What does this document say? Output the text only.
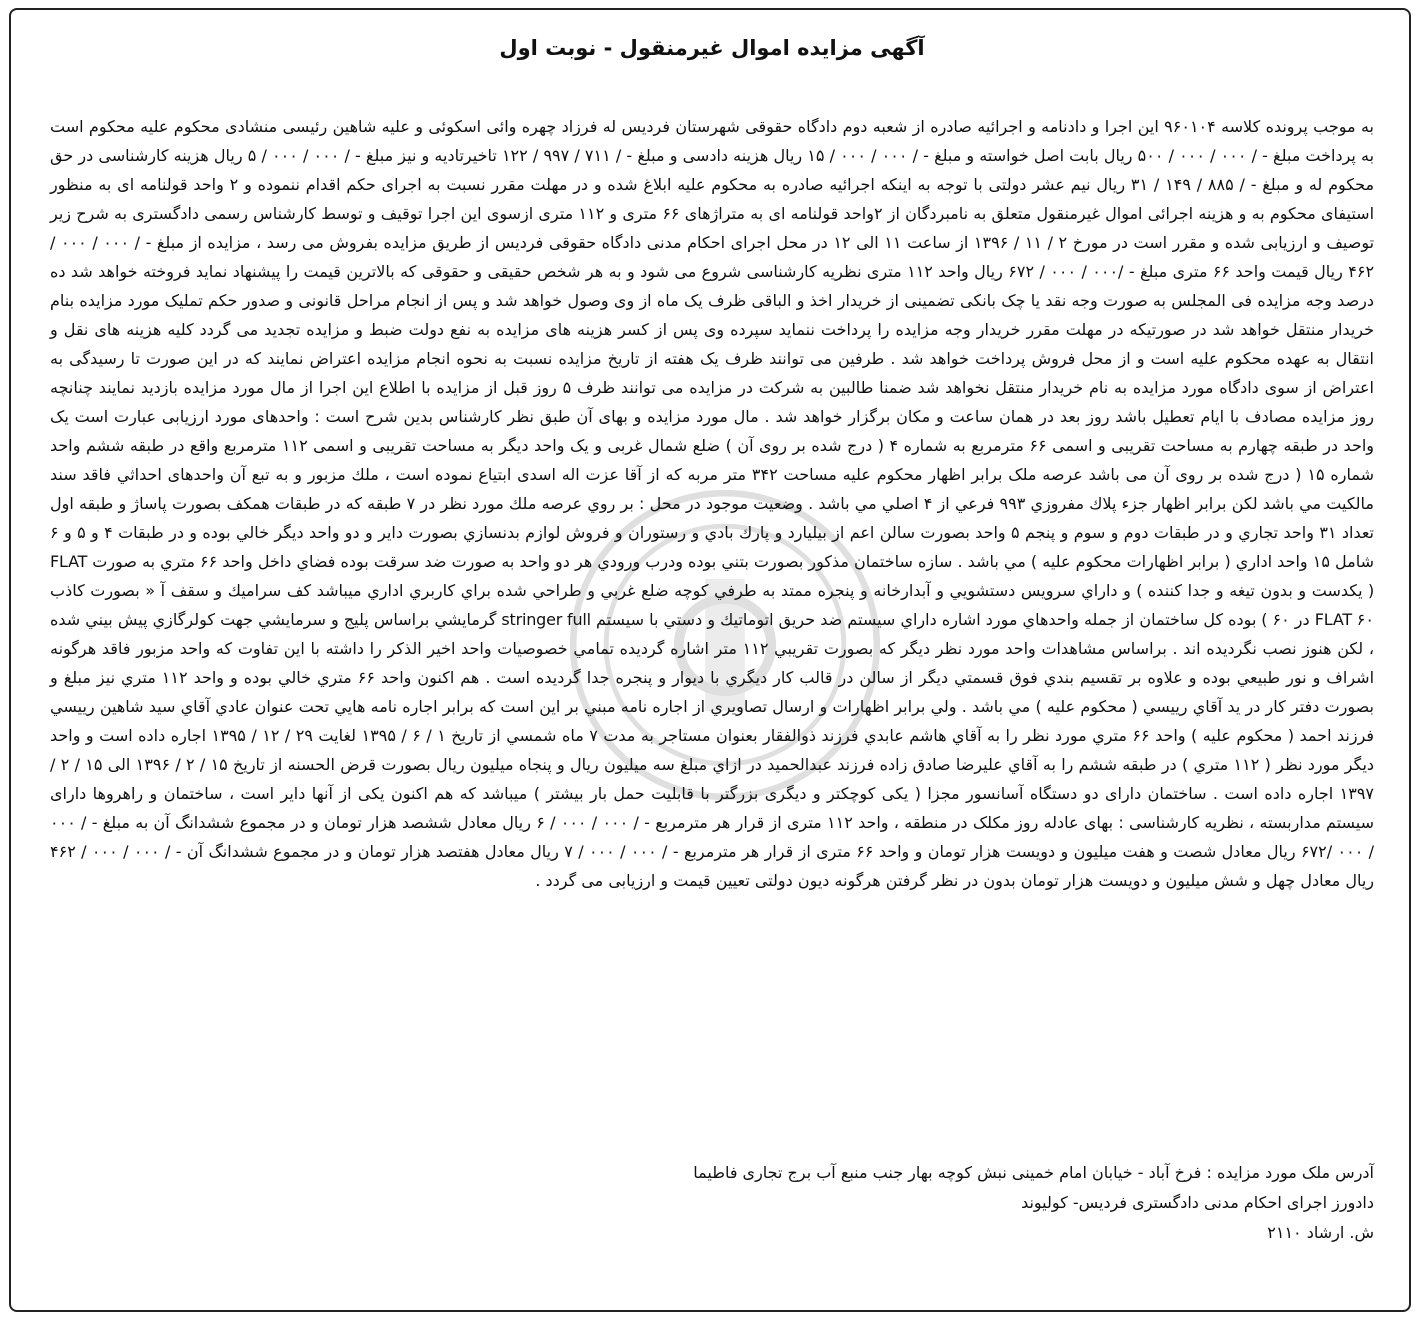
آگهی مزایده اموال غیرمنقول - نوبت اول

به موجب پرونده کلاسه ۹۶۰۱۰۴ این اجرا و دادنامه و اجرائیه صادره از شعبه دوم دادگاه حقوقی شهرستان فردیس له فرزاد چهره وائی اسکوئی و علیه شاهین رئیسی منشادی محکوم علیه محکوم است به پرداخت مبلغ - / ۰۰۰ / ۰۰۰ / ۵۰۰ ریال بابت اصل خواسته و مبلغ - / ۰۰۰ / ۰۰۰ / ۱۵ ریال هزینه دادسی و مبلغ - / ۷۱۱ / ۹۹۷ / ۱۲۲ تاخیرتادیه و نیز مبلغ - / ۰۰۰ / ۰۰۰ / ۵ ریال هزینه کارشناسی در حق محکوم له و مبلغ - / ۸۸۵ / ۱۴۹ / ۳۱ ریال نیم عشر دولتی با توجه به اینکه اجرائیه صادره به محکوم علیه ابلاغ شده و در مهلت مقرر نسبت به اجرای حکم اقدام ننموده و ۲ واحد قولنامه ای به منظور استیفای محکوم به و هزینه اجرائی اموال غیرمنقول متعلق به نامبردگان از ۲واحد قولنامه ای به متراژهای ۶۶ متری و ۱۱۲ متری ازسوی این اجرا توقیف و توسط کارشناس رسمی دادگستری به شرح زیر توصیف و ارزیابی شده و مقرر است در مورخ ۲ / ۱۱ / ۱۳۹۶ از ساعت ۱۱ الی ۱۲ در محل اجرای احکام مدنی دادگاه حقوقی فردیس از طریق مزایده بفروش می رسد ، مزایده از مبلغ - / ۰۰۰ / ۰۰۰ / ۴۶۲ ریال قیمت واحد ۶۶ متری مبلغ - /۰۰۰ / ۰۰۰ / ۶۷۲ ریال واحد ۱۱۲ متری نظریه کارشناسی شروع می شود و به هر شخص حقیقی و حقوقی که بالاترین قیمت را پیشنهاد نماید فروخته خواهد شد ده درصد وجه مزایده فی المجلس به صورت وجه نقد یا چک بانکی تضمینی از خریدار اخذ و الباقی ظرف یک ماه از وی وصول خواهد شد و پس از انجام مراحل قانونی و صدور حکم تملیک مورد مزایده بنام خریدار منتقل خواهد شد در صورتیکه در مهلت مقرر خریدار وجه مزایده را پرداخت ننماید سپرده وی پس از کسر هزینه های مزایده به نفع دولت ضبط و مزایده تجدید می گردد کلیه هزینه های نقل و انتقال به عهده محکوم علیه است و از محل فروش پرداخت خواهد شد . طرفین می توانند ظرف یک هفته از تاریخ مزایده نسبت به نحوه انجام مزایده اعتراض نمایند که در این صورت تا رسیدگی به اعتراض از سوی دادگاه مورد مزایده به نام خریدار منتقل نخواهد شد ضمنا طالبین به شرکت در مزایده می توانند ظرف ۵ روز قبل از مزایده با اطلاع این اجرا از مال مورد مزایده بازدید نمایند چنانچه روز مزایده مصادف با ایام تعطیل باشد روز بعد در همان ساعت و مکان برگزار خواهد شد . مال مورد مزایده و بهای آن طبق نظر کارشناس بدین شرح است : واحدهای مورد ارزیابی عبارت است یک واحد در طبقه چهارم به مساحت تقریبی و اسمی ۶۶ مترمربع به شماره ۴ ( درج شده بر روی آن ) ضلع شمال غربی و یک واحد دیگر به مساحت تقریبی و اسمی ۱۱۲ مترمربع واقع در طبقه ششم واحد شماره ۱۵ ( درج شده بر روی آن می باشد عرصه ملک برابر اظهار محکوم علیه مساحت ۳۴۲ متر مربه که از آقا عزت اله اسدی ابتیاع نموده است ، ملك مزبور و به تبع آن واحدهای احداثي فاقد سند مالکيت مي باشد لكن برابر اظهار جزء پلاك مفروزي ۹۹۳ فرعي از ۴ اصلي مي باشد . وضعيت موجود در محل : بر روي عرصه ملك مورد نظر در ۷ طبقه كه در طبقات همكف بصورت پاساژ و طبقه اول تعداد ۳۱ واحد تجاري و در طبقات دوم و سوم و پنجم ۵ واحد بصورت سالن اعم از بيليارد و پارك بادي و رستوران و فروش لوازم بدنسازي بصورت داير و دو واحد ديگر خالي بوده و در طبقات ۴ و ۵ و ۶ شامل ۱۵ واحد اداري ( برابر اظهارات محكوم عليه ) مي باشد . سازه ساختمان مذكور بصورت بتني بوده ودرب ورودي هر دو واحد به صورت ضد سرقت بوده فضاي داخل واحد ۶۶ متري به صورت FLAT ( يكدست و بدون تيغه و جدا كننده ) و داراي سرويس دستشويي و آبدارخانه و پنجره ممتد به طرفي كوچه ضلع غربي و طراحي شده براي كاربري اداري ميباشد كف سراميك و سقف آ « بصورت كاذب FLAT ۶۰ در ۶۰ ) بوده كل ساختمان از جمله واحدهاي مورد اشاره داراي سيستم ضد حريق اتوماتيك و دستي با سيستم stringer full گرمايشي براساس پليج و سرمايشي جهت كولرگازي پيش بيني شده ، لكن هنوز نصب نگرديده اند . براساس مشاهدات واحد مورد نظر ديگر كه بصورت تقريبي ۱۱۲ متر اشاره گرديده تمامي خصوصيات واحد اخير الذكر را داشته با اين تفاوت كه واحد مزبور فاقد هرگونه اشراف و نور طبيعي بوده و علاوه بر تقسيم بندي فوق قسمتي ديگر از سالن در قالب كار ديگري با ديوار و پنجره جدا گرديده است . هم اكنون واحد ۶۶ متري خالي بوده و واحد ۱۱۲ متري نيز مبلغ و بصورت دفتر كار در يد آقاي رييسي ( محكوم عليه ) مي باشد . ولي برابر اظهارات و ارسال تصاويري از اجاره نامه مبني بر اين است كه برابر اجاره نامه هايي تحت عنوان عادي آقاي سيد شاهين رييسي فرزند احمد ( محكوم عليه ) واحد ۶۶ متري مورد نظر را به آقاي هاشم عابدي فرزند ذوالفقار بعنوان مستاجر به مدت ۷ ماه شمسي از تاريخ ۱ / ۶ / ۱۳۹۵ لغايت ۲۹ / ۱۲ / ۱۳۹۵ اجاره داده است و واحد ديگر مورد نظر ( ۱۱۲ متري ) در طبقه ششم را به آقاي عليرضا صادق زاده فرزند عبدالحميد در ازاي مبلغ سه ميليون ريال و پنجاه ميليون ريال بصورت قرض الحسنه از تاريخ ۱۵ / ۲ / ۱۳۹۶ الی ۱۵ / ۲ / ۱۳۹۷ اجاره داده است . ساختمان دارای دو دستگاه آسانسور مجزا ( یکی کوچکتر و دیگری بزرگتر با قابلیت حمل بار بیشتر ) میباشد که هم اکنون یکی از آنها دایر است ، ساختمان و راهروها دارای سیستم مداربسته ، نظریه کارشناسی : بهای عادله روز مکلک در منطقه ، واحد ۱۱۲ متری از قرار هر مترمربع - / ۰۰۰ / ۰۰۰ / ۶ ریال معادل ششصد هزار تومان و در مجموع ششدانگ آن به مبلغ - / ۰۰۰ / ۰۰۰ /۶۷۲ ریال معادل شصت و هفت میلیون و دویست هزار تومان و واحد ۶۶ متری از قرار هر مترمربع - / ۰۰۰ / ۰۰۰ / ۷ ریال معادل هفتصد هزار تومان و در مجموع ششدانگ آن - / ۰۰۰ / ۰۰۰ / ۴۶۲ ریال معادل چهل و شش میلیون و دویست هزار تومان بدون در نظر گرفتن هرگونه دیون دولتی تعیین قیمت و ارزیابی می گردد .

آدرس ملک مورد مزایده : فرخ آباد - خیابان امام خمینی نبش کوچه بهار جنب منبع آب برج تجاری فاطیما
دادورز اجرای احکام مدنی دادگستری فردیس- کولیوند
ش. ارشاد ۲۱۱۰
